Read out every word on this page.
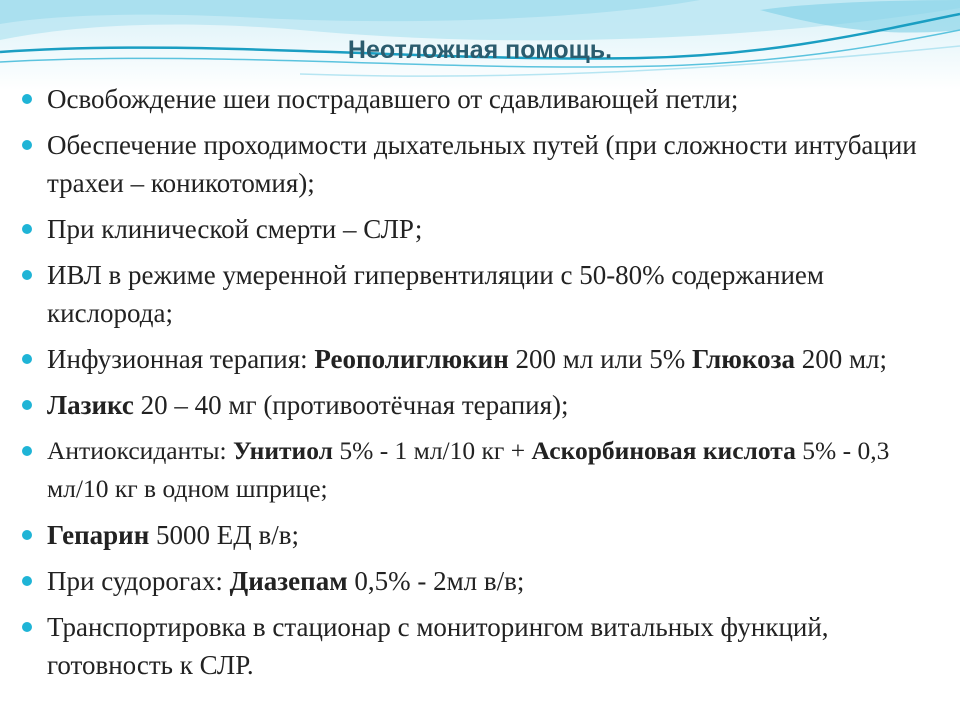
Неотложная помощь.
Освобождение шеи пострадавшего от сдавливающей петли;
Обеспечение проходимости дыхательных путей (при сложности интубации трахеи – коникотомия);
При клинической смерти – СЛР;
ИВЛ в режиме умеренной гипервентиляции с 50-80% содержанием кислорода;
Инфузионная терапия: Реополиглюкин 200 мл или 5% Глюкоза 200 мл;
Лазикс 20 – 40 мг (противоотёчная терапия);
Антиоксиданты: Унитиол 5% - 1 мл/10 кг + Аскорбиновая кислота 5% - 0,3 мл/10 кг в одном шприце;
Гепарин 5000 ЕД в/в;
При судорогах: Диазепам 0,5% - 2мл в/в;
Транспортировка в стационар с мониторингом витальных функций, готовность к СЛР.
